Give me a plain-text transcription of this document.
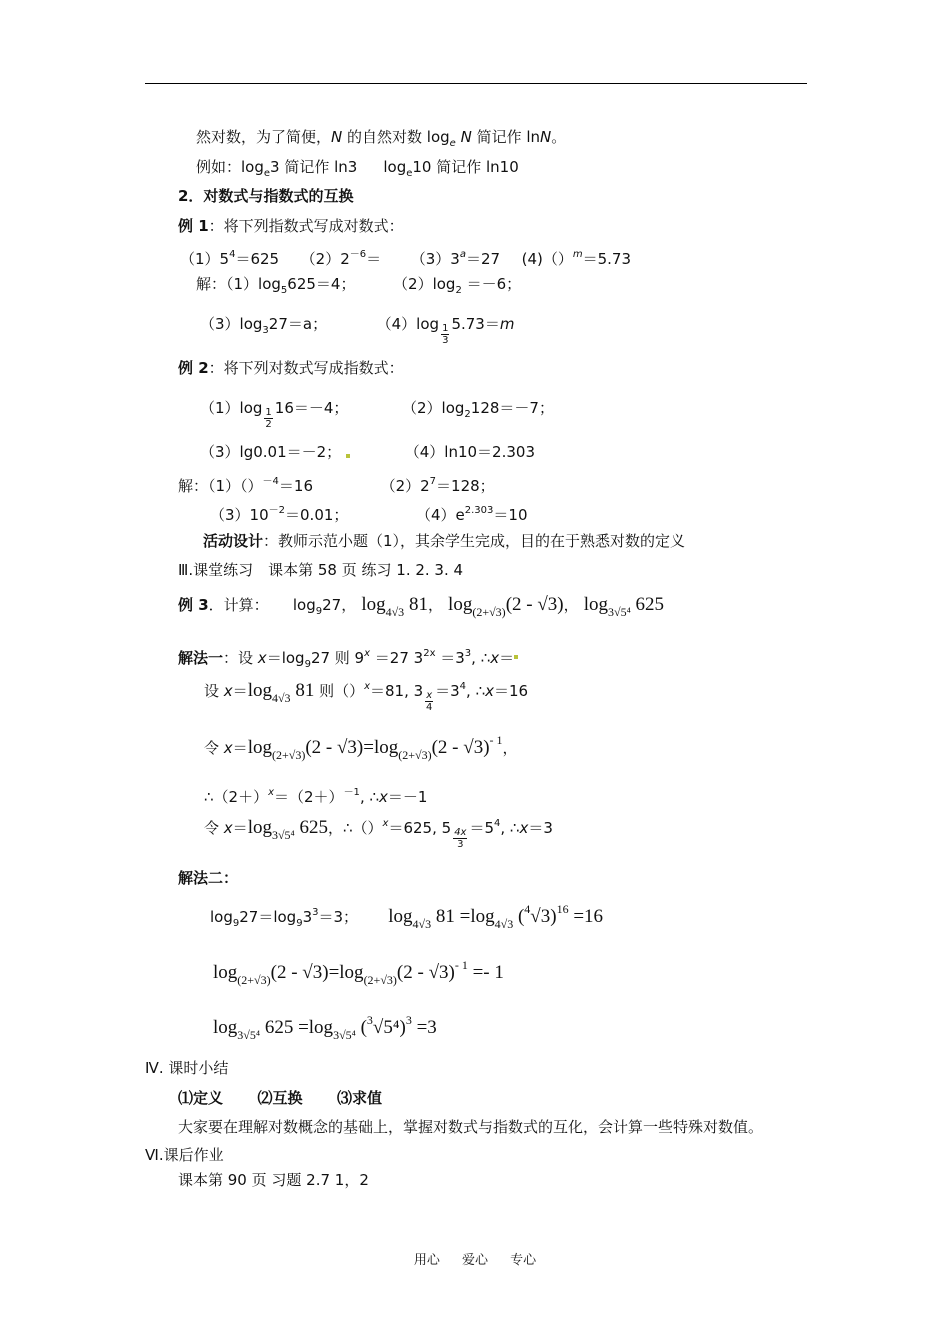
然对数，为了简便，N 的自然对数 $\log_e N$ 简记作 lnN。
例如：$\log_e3$ 简记作 ln3 $\log_e10$ 简记作 ln10
2．对数式与指数式的互换
例 1：将下列指数式写成对数式：
$(1)5^4=625$ $(2)2^{-6}= (3)3^a=27$ (4)（）$^m$＝5.73
解：$(1)\log_5625=4$；	$(2)\log_2 =-6$；
$(3)\log_327=a$；	$(4)\log \frac{1}{3} 5.73=m$
例 2：将下列对数式写成指数式：
$(1)\log \frac{1}{2} 16=-4$；	$(2)\log_2128=-7$；
（3）lg0.01＝－2；	（4）ln10＝2.303
解：（1）（）$^{-4}$＝16	$(2)2^7=128$；
$(3)10^{-2}=0.01$；	$(4)e^{2.303}=10$
活动设计：教师示范小题（1），其余学生完成，目的在于熟悉对数的定义
Ⅲ.课堂练习　课本第 58 页 练习 1. 2. 3. 4
例 3．计算： $\log_927$， $\log_{4√3} 81$， $\log_{(2+√3)}(2 - √3)$， $\log_{3√5^4} 625$
解法一：设 $x=\log_927$ 则 $9^x =27$ $3^{2x} =3^3$, ∴x＝
设 $x=\log_{4√3}$ 81 则（）$^x$＝81, $3 \frac{x}{4} =3^4$, ∴x＝16
令 $x=\log_{(2+√3)}(2 - √3)=\log_{(2+√3)}(2 - √3)^{- 1}$，
$\therefore(2+)^x=(2+)^{-1}$, ∴x＝－1
令 $x=\log_{3√5^4}$ 625，∴（）$^x$＝625, $5 \frac{4x}{3} =5^4$, ∴x＝3
解法二：
$\log_927=\log_93^3=3$； $\log_{4√3} 81 =\log_{4√3}$ $(^4√3)^{16} =16$
$\log_{(2+√3)}(2 - √3)=\log_{(2+√3)}(2 - √3)^{- 1} =- 1$
$\log_{3√5^4} 625 =\log_{3√5^4}$ $(^3√5^4)^3 =3$
Ⅳ. 课时小结
⑴定义 ⑵互换 ⑶求值
大家要在理解对数概念的基础上，掌握对数式与指数式的互化，会计算一些特殊对数值。
Ⅵ.课后作业
课本第 90 页 习题 2.7 1，2
用心 爱心 专心
